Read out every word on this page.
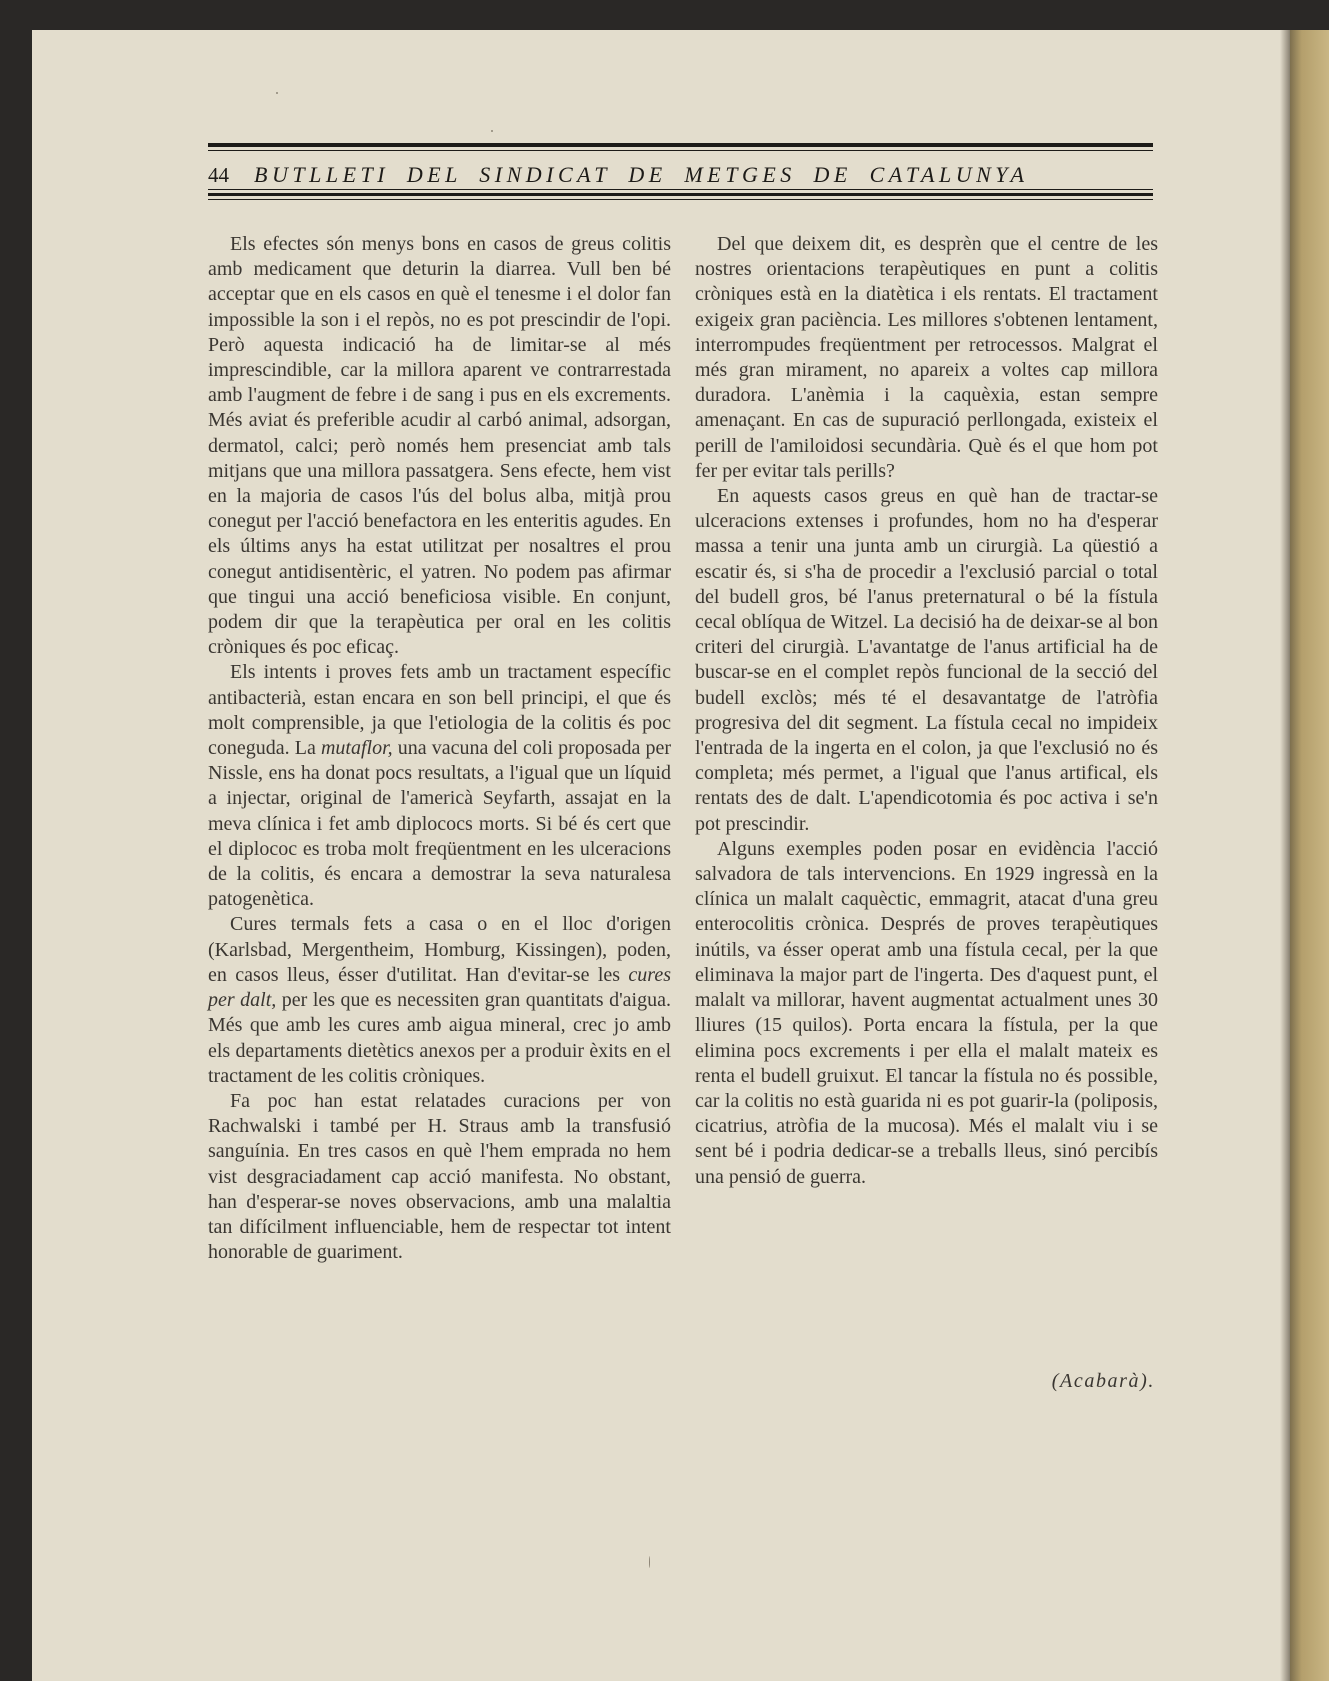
44	BUTLLETI DEL SINDICAT DE METGES DE CATALUNYA

Els efectes són menys bons en casos de greus colitis amb medicament que deturin la diarrea. Vull ben bé acceptar que en els casos en què el tenesme i el dolor fan impossible la son i el repòs, no es pot prescindir de l'opi. Però aquesta indicació ha de limitar-se al més imprescindible, car la millora aparent ve contrarrestada amb l'augment de febre i de sang i pus en els excrements. Més aviat és preferible acudir al carbó animal, adsorgan, dermatol, calci; però només hem presenciat amb tals mitjans que una millora passatgera. Sens efecte, hem vist en la majoria de casos l'ús del bolus alba, mitjà prou conegut per l'acció benefactora en les enteritis agudes. En els últims anys ha estat utilitzat per nosaltres el prou conegut antidisentèric, el yatren. No podem pas afirmar que tingui una acció beneficiosa visible. En conjunt, podem dir que la terapèutica per oral en les colitis cròniques és poc eficaç.

Els intents i proves fets amb un tractament específic antibacterià, estan encara en son bell principi, el que és molt comprensible, ja que l'etiologia de la colitis és poc coneguda. La mutaflor, una vacuna del coli proposada per Nissle, ens ha donat pocs resultats, a l'igual que un líquid a injectar, original de l'americà Seyfarth, assajat en la meva clínica i fet amb diplococs morts. Si bé és cert que el diplococ es troba molt freqüentment en les ulceracions de la colitis, és encara a demostrar la seva naturalesa patogenètica.

Cures termals fets a casa o en el lloc d'origen (Karlsbad, Mergentheim, Homburg, Kissingen), poden, en casos lleus, ésser d'utilitat. Han d'evitar-se les cures per dalt, per les que es necessiten gran quantitats d'aigua. Més que amb les cures amb aigua mineral, crec jo amb els departaments dietètics anexos per a produir èxits en el tractament de les colitis cròniques.

Fa poc han estat relatades curacions per von Rachwalski i també per H. Straus amb la transfusió sanguínia. En tres casos en què l'hem emprada no hem vist desgraciadament cap acció manifesta. No obstant, han d'esperar-se noves observacions, amb una malaltia tan difícilment influenciable, hem de respectar tot intent honorable de guariment.

Del que deixem dit, es desprèn que el centre de les nostres orientacions terapèutiques en punt a colitis cròniques està en la diatètica i els rentats. El tractament exigeix gran paciència. Les millores s'obtenen lentament, interrompudes freqüentment per retrocessos. Malgrat el més gran mirament, no apareix a voltes cap millora duradora. L'anèmia i la caquèxia, estan sempre amenaçant. En cas de supuració perllongada, existeix el perill de l'amiloidosi secundària. Què és el que hom pot fer per evitar tals perills?

En aquests casos greus en què han de tractar-se ulceracions extenses i profundes, hom no ha d'esperar massa a tenir una junta amb un cirurgià. La qüestió a escatir és, si s'ha de procedir a l'exclusió parcial o total del budell gros, bé l'anus preternatural o bé la fístula cecal oblíqua de Witzel. La decisió ha de deixar-se al bon criteri del cirurgià. L'avantatge de l'anus artificial ha de buscar-se en el complet repòs funcional de la secció del budell exclòs; més té el desavantatge de l'atròfia progresiva del dit segment. La fístula cecal no impideix l'entrada de la ingerta en el colon, ja que l'exclusió no és completa; més permet, a l'igual que l'anus artifical, els rentats des de dalt. L'apendicotomia és poc activa i se'n pot prescindir.

Alguns exemples poden posar en evidència l'acció salvadora de tals intervencions. En 1929 ingressà en la clínica un malalt caquèctic, emmagrit, atacat d'una greu enterocolitis crònica. Després de proves terapèutiques inútils, va ésser operat amb una fístula cecal, per la que eliminava la major part de l'ingerta. Des d'aquest punt, el malalt va millorar, havent augmentat actualment unes 30 lliures (15 quilos). Porta encara la fístula, per la que elimina pocs excrements i per ella el malalt mateix es renta el budell gruixut. El tancar la fístula no és possible, car la colitis no està guarida ni es pot guarir-la (poliposis, cicatrius, atròfia de la mucosa). Més el malalt viu i se sent bé i podria dedicar-se a treballs lleus, sinó percibís una pensió de guerra.

(Acabarà).
